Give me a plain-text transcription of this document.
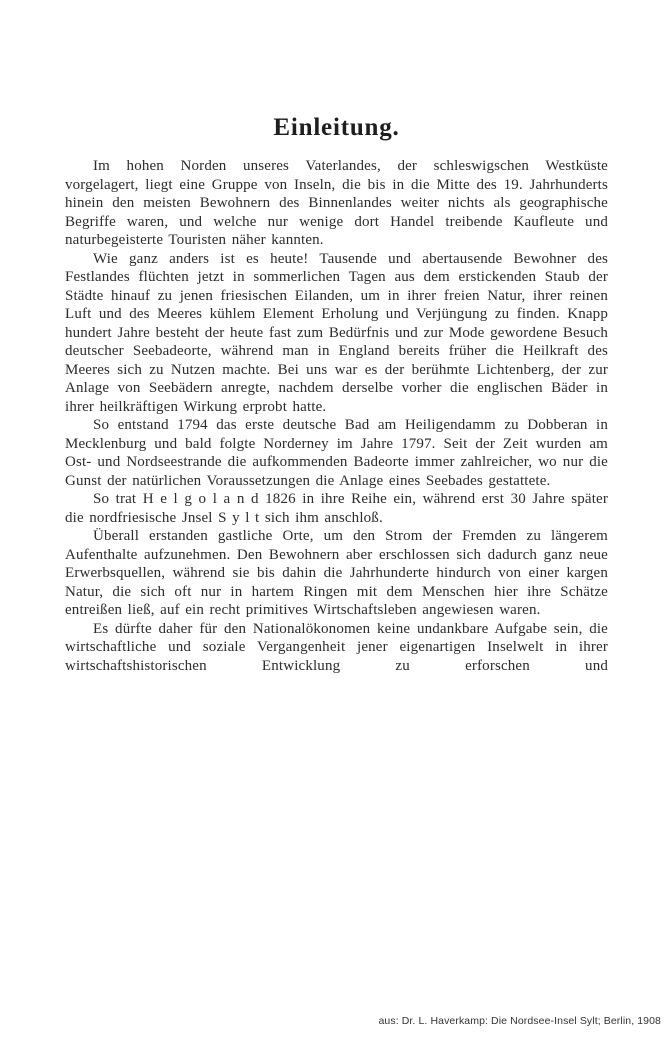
Einleitung.

Im hohen Norden unseres Vaterlandes, der schleswigschen Westküste vorgelagert, liegt eine Gruppe von Inseln, die bis in die Mitte des 19. Jahrhunderts hinein den meisten Bewohnern des Binnenlandes weiter nichts als geographische Begriffe waren, und welche nur wenige dort Handel treibende Kaufleute und naturbegeisterte Touristen näher kannten.

Wie ganz anders ist es heute! Tausende und abertausende Bewohner des Festlandes flüchten jetzt in sommerlichen Tagen aus dem erstickenden Staub der Städte hinauf zu jenen friesischen Eilanden, um in ihrer freien Natur, ihrer reinen Luft und des Meeres kühlem Element Erholung und Verjüngung zu finden. Knapp hundert Jahre besteht der heute fast zum Bedürfnis und zur Mode gewordene Besuch deutscher Seebadeorte, während man in England bereits früher die Heilkraft des Meeres sich zu Nutzen machte. Bei uns war es der berühmte Lichtenberg, der zur Anlage von Seebädern anregte, nachdem derselbe vorher die englischen Bäder in ihrer heilkräftigen Wirkung erprobt hatte.

So entstand 1794 das erste deutsche Bad am Heiligendamm zu Dobberan in Mecklenburg und bald folgte Norderney im Jahre 1797. Seit der Zeit wurden am Ost- und Nordseestrande die aufkommenden Badeorte immer zahlreicher, wo nur die Gunst der natürlichen Voraussetzungen die Anlage eines Seebades gestattete.

So trat H e l g o l a n d 1826 in ihre Reihe ein, während erst 30 Jahre später die nordfriesische Jnsel S y l t sich ihm anschloß.

Überall erstanden gastliche Orte, um den Strom der Fremden zu längerem Aufenthalte aufzunehmen. Den Bewohnern aber erschlossen sich dadurch ganz neue Erwerbsquellen, während sie bis dahin die Jahrhunderte hindurch von einer kargen Natur, die sich oft nur in hartem Ringen mit dem Menschen hier ihre Schätze entreißen ließ, auf ein recht primitives Wirtschaftsleben angewiesen waren.

Es dürfte daher für den Nationalökonomen keine undankbare Aufgabe sein, die wirtschaftliche und soziale Vergangenheit jener eigenartigen Inselwelt in ihrer wirtschaftshistorischen Entwicklung zu erforschen und

aus: Dr. L. Haverkamp: Die Nordsee-Insel Sylt; Berlin, 1908
